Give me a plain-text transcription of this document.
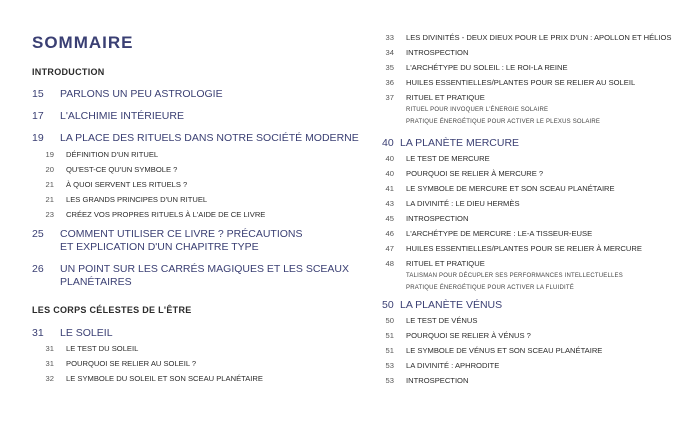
SOMMAIRE
INTRODUCTION
15 PARLONS UN PEU ASTROLOGIE
17 L'ALCHIMIE INTÉRIEURE
19 LA PLACE DES RITUELS DANS NOTRE SOCIÉTÉ MODERNE
19 DÉFINITION D'UN RITUEL
20 QU'EST-CE QU'UN SYMBOLE ?
21 À QUOI SERVENT LES RITUELS ?
21 LES GRANDS PRINCIPES D'UN RITUEL
23 CRÉEZ VOS PROPRES RITUELS À L'AIDE DE CE LIVRE
25 COMMENT UTILISER CE LIVRE ? PRÉCAUTIONS
ET EXPLICATION D'UN CHAPITRE TYPE
26 UN POINT SUR LES CARRÉS MAGIQUES ET LES SCEAUX
PLANÉTAIRES
LES CORPS CÉLESTES DE L'ÊTRE
31 LE SOLEIL
31 LE TEST DU SOLEIL
31 POURQUOI SE RELIER AU SOLEIL ?
32 LE SYMBOLE DU SOLEIL ET SON SCEAU PLANÉTAIRE
33 LES DIVINITÉS - DEUX DIEUX POUR LE PRIX D'UN : APOLLON ET HÉLIOS
34 INTROSPECTION
35 L'ARCHÉTYPE DU SOLEIL : LE ROI-LA REINE
36 HUILES ESSENTIELLES/PLANTES POUR SE RELIER AU SOLEIL
37 RITUEL ET PRATIQUE
RITUEL POUR INVOQUER L'ÉNERGIE SOLAIRE
PRATIQUE ÉNERGÉTIQUE POUR ACTIVER LE PLEXUS SOLAIRE
40 LA PLANÈTE MERCURE
40 LE TEST DE MERCURE
40 POURQUOI SE RELIER À MERCURE ?
41 LE SYMBOLE DE MERCURE ET SON SCEAU PLANÉTAIRE
43 LA DIVINITÉ : LE DIEU HERMÈS
45 INTROSPECTION
46 L'ARCHÉTYPE DE MERCURE : LE-A TISSEUR-EUSE
47 HUILES ESSENTIELLES/PLANTES POUR SE RELIER À MERCURE
48 RITUEL ET PRATIQUE
TALISMAN POUR DÉCUPLER SES PERFORMANCES INTELLECTUELLES
PRATIQUE ÉNERGÉTIQUE POUR ACTIVER LA FLUIDITÉ
50 LA PLANÈTE VÉNUS
50 LE TEST DE VÉNUS
51 POURQUOI SE RELIER À VÉNUS ?
51 LE SYMBOLE DE VÉNUS ET SON SCEAU PLANÉTAIRE
53 LA DIVINITÉ : APHRODITE
53 INTROSPECTION
